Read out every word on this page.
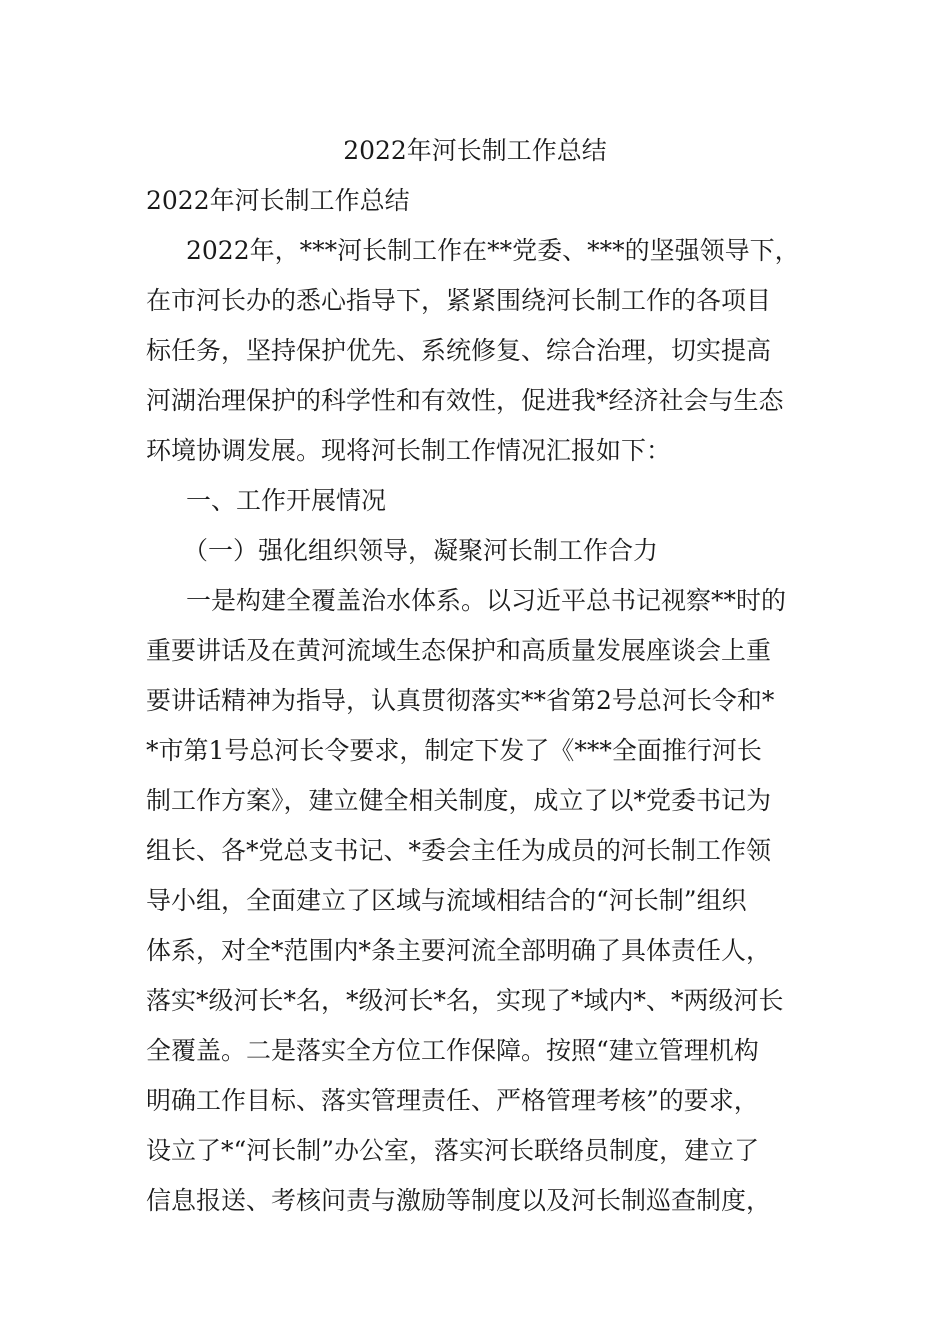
2022年河长制工作总结
2022年河长制工作总结

2022年，***河长制工作在**党委、***的坚强领导下，

在市河长办的悉心指导下，紧紧围绕河长制工作的各项目

标任务，坚持保护优先、系统修复、综合治理，切实提高

河湖治理保护的科学性和有效性，促进我*经济社会与生态

环境协调发展。现将河长制工作情况汇报如下：

一、工作开展情况

（一）强化组织领导，凝聚河长制工作合力

一是构建全覆盖治水体系。以习近平总书记视察**时的

重要讲话及在黄河流域生态保护和高质量发展座谈会上重

要讲话精神为指导，认真贯彻落实**省第2号总河长令和*

*市第1号总河长令要求，制定下发了《***全面推行河长

制工作方案》，建立健全相关制度，成立了以*党委书记为

组长、各*党总支书记、*委会主任为成员的河长制工作领

导小组，全面建立了区域与流域相结合的“河长制”组织

体系，对全*范围内*条主要河流全部明确了具体责任人，

落实*级河长*名，*级河长*名，实现了*域内*、*两级河长

全覆盖。二是落实全方位工作保障。按照“建立管理机构

明确工作目标、落实管理责任、严格管理考核”的要求，

设立了*“河长制”办公室，落实河长联络员制度，建立了

信息报送、考核问责与激励等制度以及河长制巡查制度，
